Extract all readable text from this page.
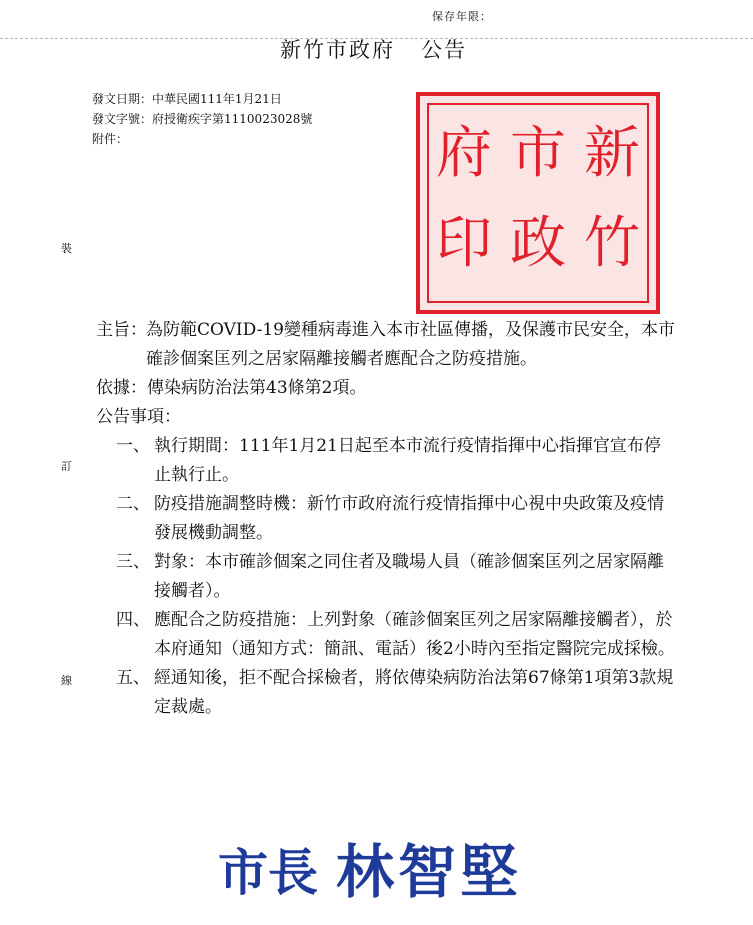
保存年限：
新竹市政府 公告
發文日期：中華民國111年1月21日
發文字號：府授衛疾字第1110023028號
附件：
裝
訂
線
新
竹
市
政
府
印
主旨： 為防範COVID-19變種病毒進入本市社區傳播，及保護市民安全，本市確診個案匡列之居家隔離接觸者應配合之防疫措施。
依據：傳染病防治法第43條第2項。
公告事項：
一、 執行期間：111年1月21日起至本市流行疫情指揮中心指揮官宣布停止執行止。
二、 防疫措施調整時機：新竹市政府流行疫情指揮中心視中央政策及疫情發展機動調整。
三、 對象：本市確診個案之同住者及職場人員（確診個案匡列之居家隔離接觸者）。
四、 應配合之防疫措施：上列對象（確診個案匡列之居家隔離接觸者），於本府通知（通知方式：簡訊、電話）後2小時內至指定醫院完成採檢。
五、 經通知後，拒不配合採檢者，將依傳染病防治法第67條第1項第3款規定裁處。
市長 林智堅
